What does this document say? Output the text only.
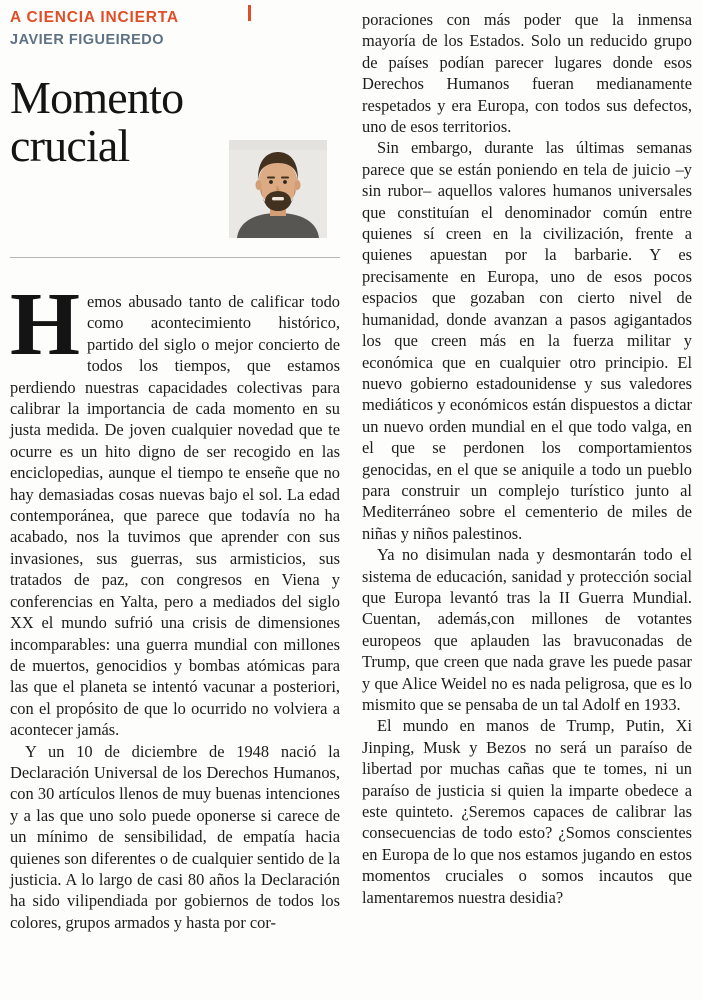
A CIENCIA INCIERTA
JAVIER FIGUEIREDO
Momento crucial

Hemos abusado tanto de calificar todo como acontecimiento histórico, partido del siglo o mejor concierto de todos los tiempos, que estamos perdiendo nuestras capacidades colectivas para calibrar la importancia de cada momento en su justa medida. De joven cualquier novedad que te ocurre es un hito digno de ser recogido en las enciclopedias, aunque el tiempo te enseñe que no hay demasiadas cosas nuevas bajo el sol. La edad contemporánea, que parece que todavía no ha acabado, nos la tuvimos que aprender con sus invasiones, sus guerras, sus armisticios, sus tratados de paz, con congresos en Viena y conferencias en Yalta, pero a mediados del siglo XX el mundo sufrió una crisis de dimensiones incomparables: una guerra mundial con millones de muertos, genocidios y bombas atómicas para las que el planeta se intentó vacunar a posteriori, con el propósito de que lo ocurrido no volviera a acontecer jamás.

Y un 10 de diciembre de 1948 nació la Declaración Universal de los Derechos Humanos, con 30 artículos llenos de muy buenas intenciones y a las que uno solo puede oponerse si carece de un mínimo de sensibilidad, de empatía hacia quienes son diferentes o de cualquier sentido de la justicia. A lo largo de casi 80 años la Declaración ha sido vilipendiada por gobiernos de todos los colores, grupos armados y hasta por cor-

poraciones con más poder que la inmensa mayoría de los Estados. Solo un reducido grupo de países podían parecer lugares donde esos Derechos Humanos fueran medianamente respetados y era Europa, con todos sus defectos, uno de esos territorios.

Sin embargo, durante las últimas semanas parece que se están poniendo en tela de juicio –y sin rubor– aquellos valores humanos universales que constituían el denominador común entre quienes sí creen en la civilización, frente a quienes apuestan por la barbarie. Y es precisamente en Europa, uno de esos pocos espacios que gozaban con cierto nivel de humanidad, donde avanzan a pasos agigantados los que creen más en la fuerza militar y económica que en cualquier otro principio. El nuevo gobierno estadounidense y sus valedores mediáticos y económicos están dispuestos a dictar un nuevo orden mundial en el que todo valga, en el que se perdonen los comportamientos genocidas, en el que se aniquile a todo un pueblo para construir un complejo turístico junto al Mediterráneo sobre el cementerio de miles de niñas y niños palestinos.

Ya no disimulan nada y desmontarán todo el sistema de educación, sanidad y protección social que Europa levantó tras la II Guerra Mundial. Cuentan, además,con millones de votantes europeos que aplauden las bravuconadas de Trump, que creen que nada grave les puede pasar y que Alice Weidel no es nada peligrosa, que es lo mismito que se pensaba de un tal Adolf en 1933.

El mundo en manos de Trump, Putin, Xi Jinping, Musk y Bezos no será un paraíso de libertad por muchas cañas que te tomes, ni un paraíso de justicia si quien la imparte obedece a este quinteto. ¿Seremos capaces de calibrar las consecuencias de todo esto? ¿Somos conscientes en Europa de lo que nos estamos jugando en estos momentos cruciales o somos incautos que lamentaremos nuestra desidia?
